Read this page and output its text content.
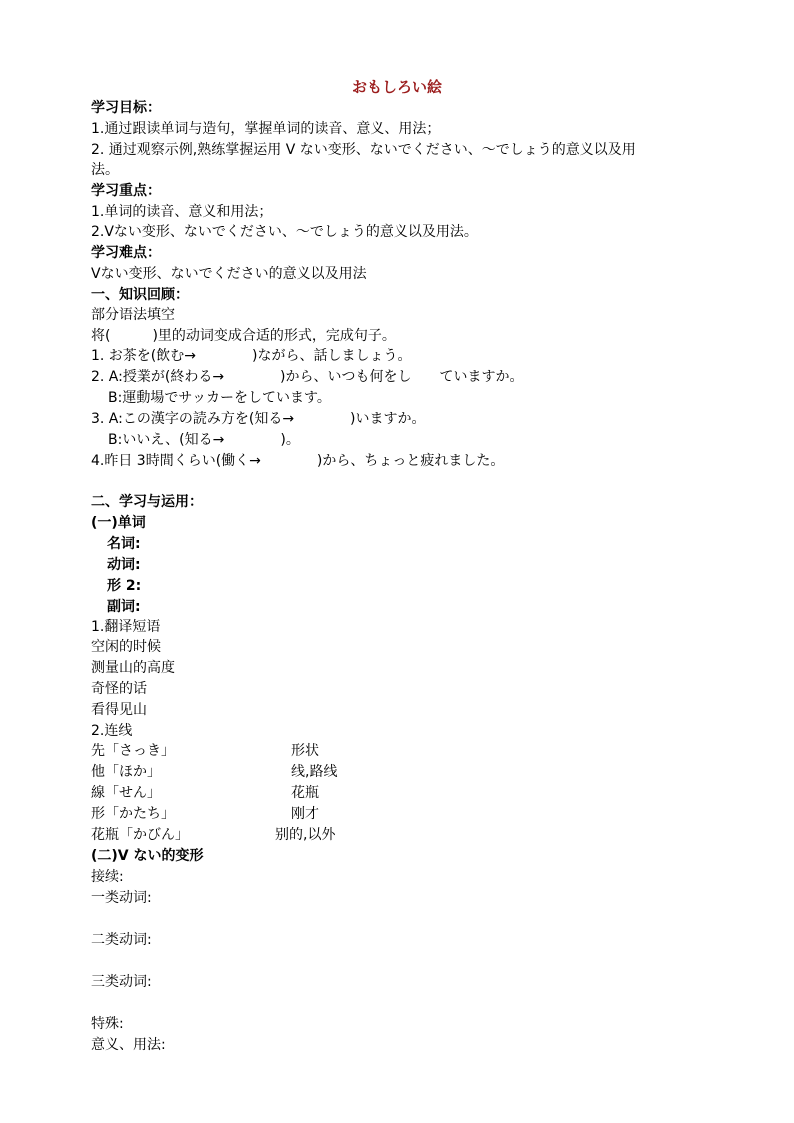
おもしろい絵
学习目标：
1.通过跟读单词与造句，掌握单词的读音、意义、用法；
2. 通过观察示例,熟练掌握运用 V ない变形、ないでください、～でしょう的意义以及用
法。
学习重点：
1.单词的读音、意义和用法；
2.Vない变形、ないでください、～でしょう的意义以及用法。
学习难点：
Vない变形、ないでください的意义以及用法
一、知识回顾：
部分语法填空
将(　　　)里的动词变成合适的形式，完成句子。
1. お茶を(飲む→　　　　)ながら、話しましょう。
2. A:授業が(終わる→　　　　)から、いつも何をし　　ていますか。
B:運動場でサッカーをしています。
3. A:この漢字の読み方を(知る→　　　　)いますか。
B:いいえ、(知る→　　　　)。
4.昨日 3時間くらい(働く→　　　　)から、ちょっと疲れました。
二、学习与运用：
(一)单词
名词:
动词:
形 2:
副词:
1.翻译短语
空闲的时候
测量山的高度
奇怪的话
看得见山
2.连线
先「さっき」
他「ほか」
線「せん」
形「かたち」
花瓶「かびん」
形状
线,路线
花瓶
刚才
别的,以外
(二)V ない的变形
接续:
一类动词:
二类动词:
三类动词:
特殊:
意义、用法:
